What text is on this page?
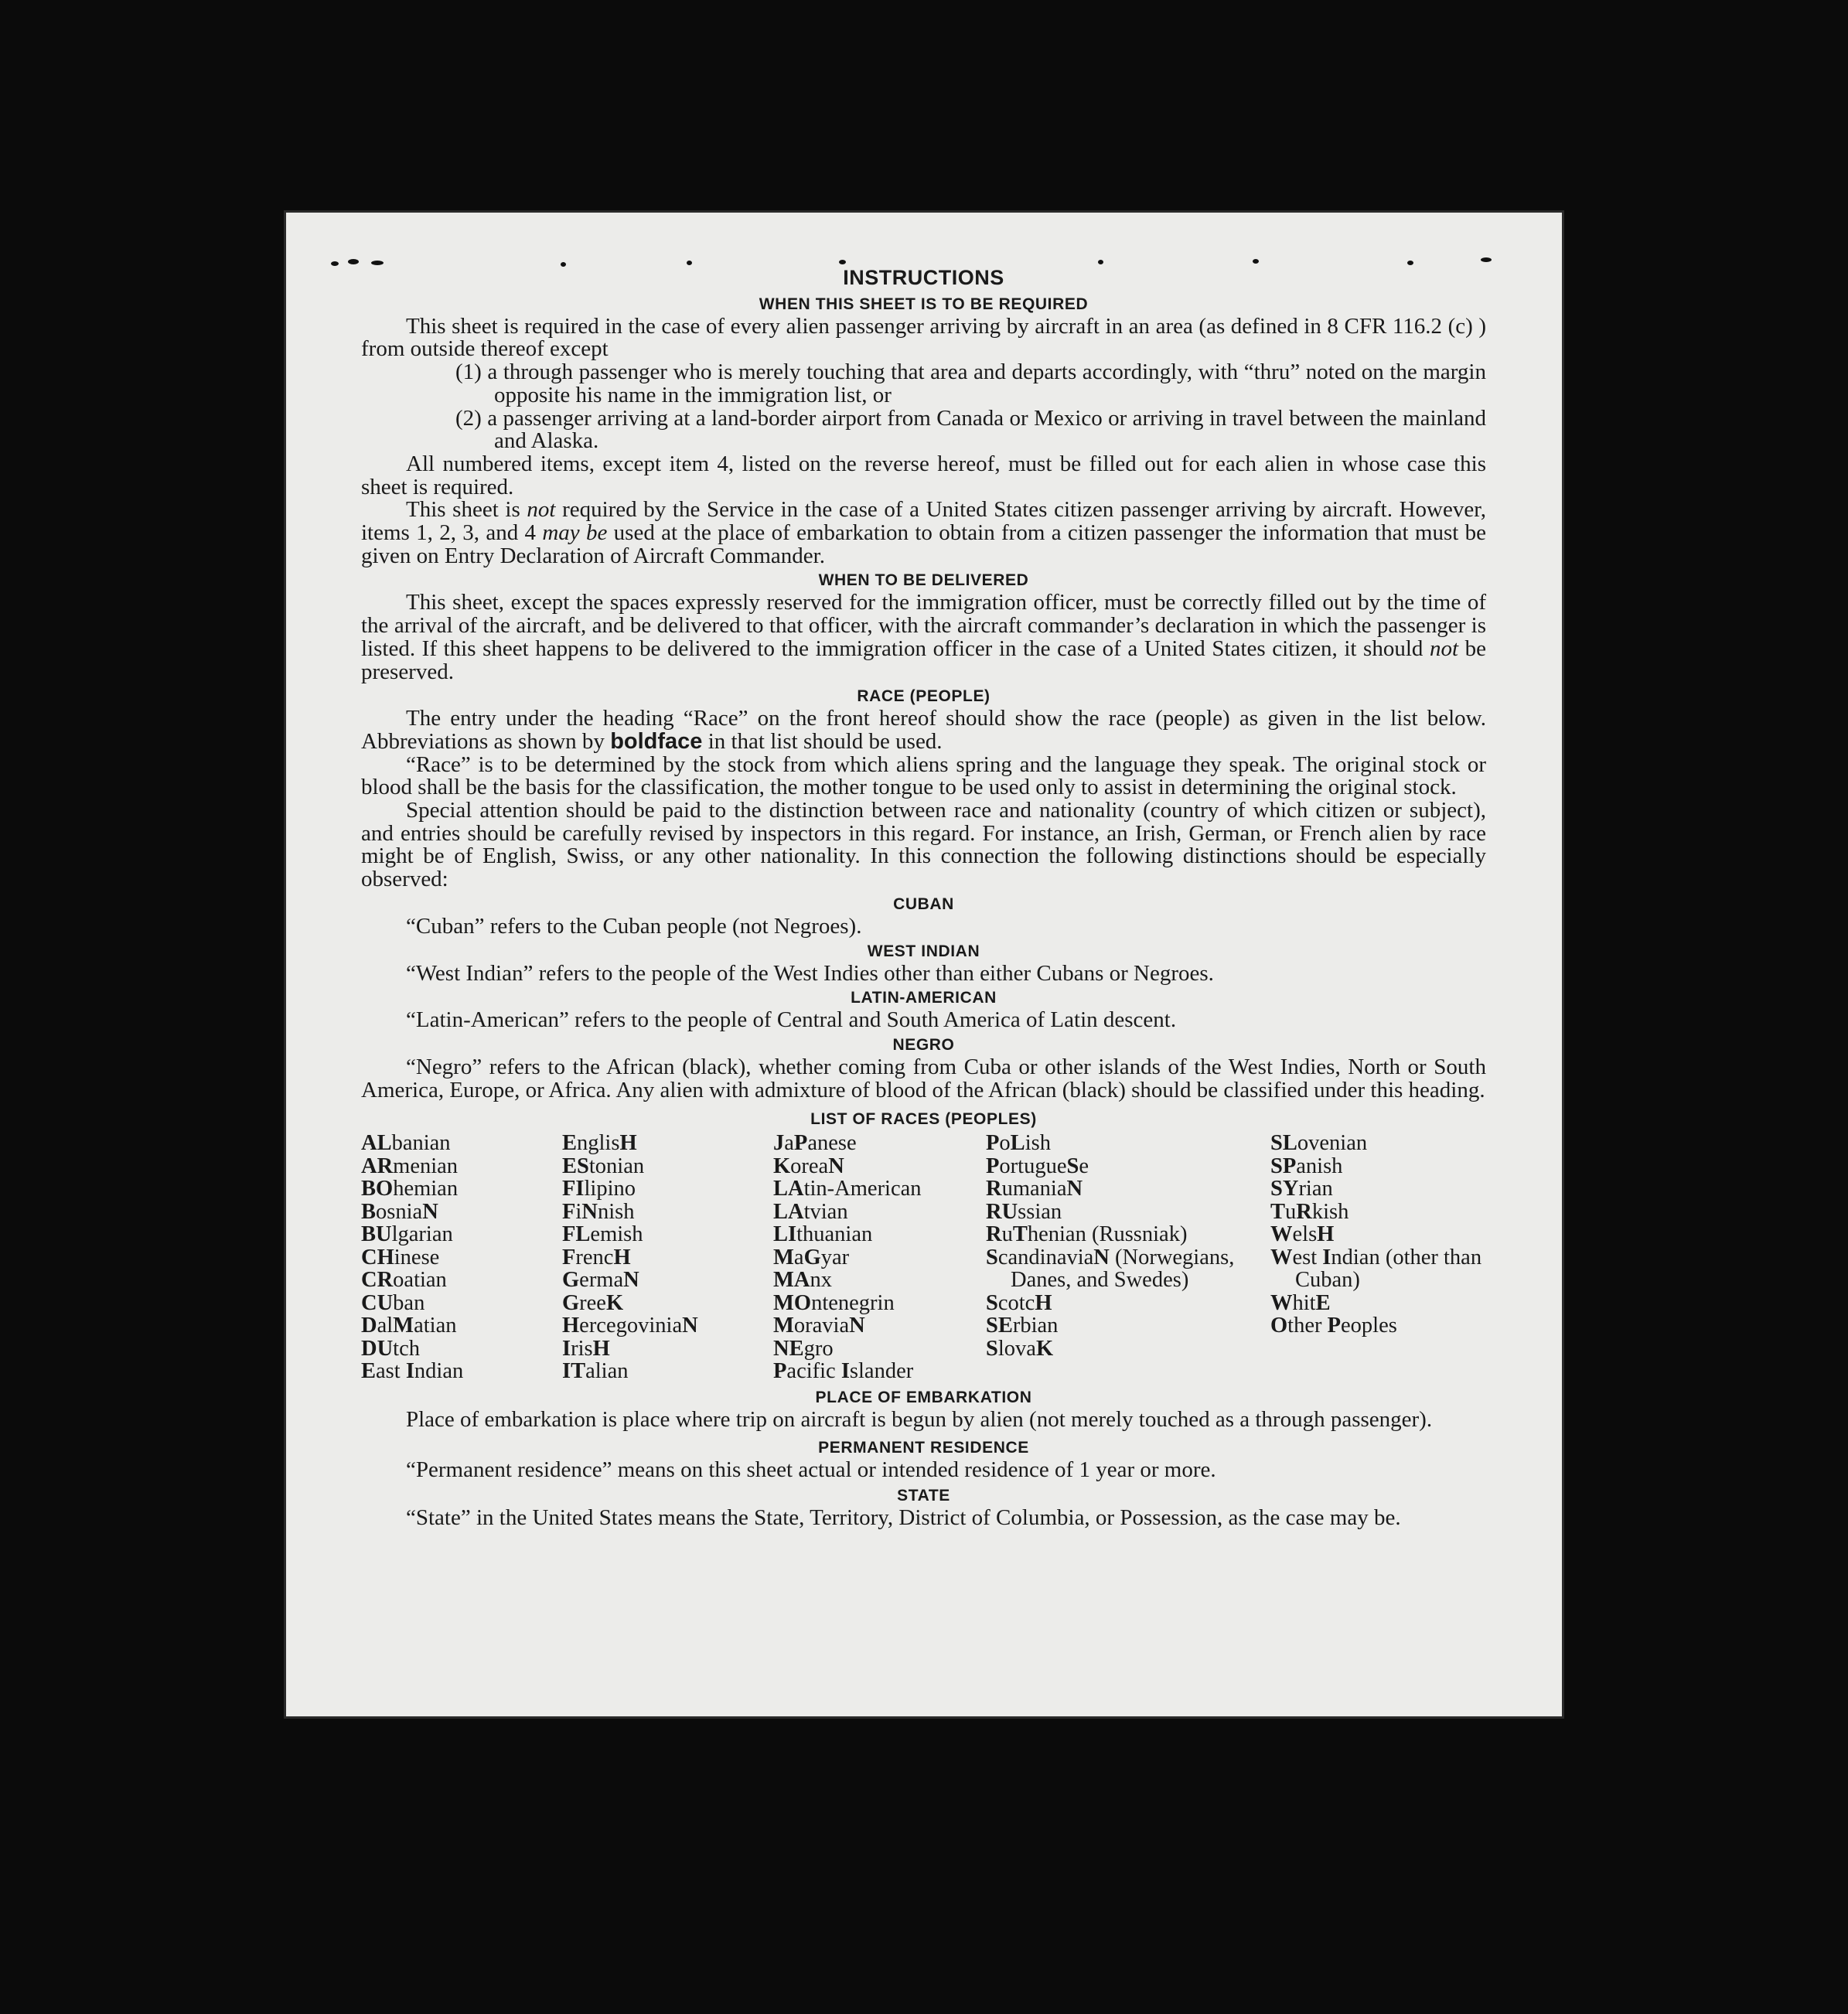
INSTRUCTIONS
WHEN THIS SHEET IS TO BE REQUIRED

This sheet is required in the case of every alien passenger arriving by aircraft in an area (as defined in 8 CFR 116.2 (c) ) from outside thereof except

(1) a through passenger who is merely touching that area and departs accordingly, with “thru” noted on the margin opposite his name in the immigration list, or
(2) a passenger arriving at a land-border airport from Canada or Mexico or arriving in travel between the mainland and Alaska.

All numbered items, except item 4, listed on the reverse hereof, must be filled out for each alien in whose case this sheet is required.

This sheet is not required by the Service in the case of a United States citizen passenger arriving by aircraft. However, items 1, 2, 3, and 4 may be used at the place of embarkation to obtain from a citizen passenger the information that must be given on Entry Declaration of Aircraft Commander.

WHEN TO BE DELIVERED

This sheet, except the spaces expressly reserved for the immigration officer, must be correctly filled out by the time of the arrival of the aircraft, and be delivered to that officer, with the aircraft commander’s declaration in which the passenger is listed. If this sheet happens to be delivered to the immigration officer in the case of a United States citizen, it should not be preserved.

RACE (PEOPLE)

The entry under the heading “Race” on the front hereof should show the race (people) as given in the list below. Abbreviations as shown by boldface in that list should be used.

“Race” is to be determined by the stock from which aliens spring and the language they speak. The original stock or blood shall be the basis for the classification, the mother tongue to be used only to assist in determining the original stock.

Special attention should be paid to the distinction between race and nationality (country of which citizen or subject), and entries should be carefully revised by inspectors in this regard. For instance, an Irish, German, or French alien by race might be of English, Swiss, or any other nationality. In this connection the following distinctions should be especially observed:

CUBAN

“Cuban” refers to the Cuban people (not Negroes).

WEST INDIAN

“West Indian” refers to the people of the West Indies other than either Cubans or Negroes.

LATIN-AMERICAN

“Latin-American” refers to the people of Central and South America of Latin descent.

NEGRO

“Negro” refers to the African (black), whether coming from Cuba or other islands of the West Indies, North or South America, Europe, or Africa. Any alien with admixture of blood of the African (black) should be classified under this heading.

LIST OF RACES (PEOPLES)
ALbanian
ARmenian
BOhemian
BosniaN
BUlgarian
CHinese
CRoatian
CUban
DalMatian
DUtch
East Indian
EnglisH
EStonian
FIlipino
FiNnish
FLemish
FrencH
GermaN
GreeK
HercegoviniaN
IrisH
ITalian
JaPanese
KoreaN
LAtin-American
LAtvian
LIthuanian
MaGyar
MAnx
MOntenegrin
MoraviaN
NEgro
Pacific Islander
PoLish
PortugueSe
RumaniaN
RUssian
RuThenian (Russniak)
ScandinaviaN (Norwegians, Danes, and Swedes)
ScotcH
SErbian
SlovaK
SLovenian
SPanish
SYrian
TuRkish
WelsH
West Indian (other than Cuban)
WhitE
Other Peoples
PLACE OF EMBARKATION

Place of embarkation is place where trip on aircraft is begun by alien (not merely touched as a through passenger).

PERMANENT RESIDENCE

“Permanent residence” means on this sheet actual or intended residence of 1 year or more.

STATE

“State” in the United States means the State, Territory, District of Columbia, or Possession, as the case may be.
